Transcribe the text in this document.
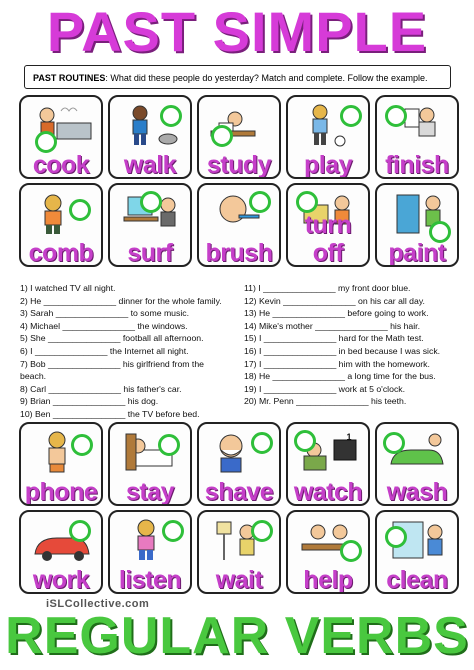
PAST SIMPLE
PAST ROUTINES: What did these people do yesterday? Match and complete. Follow the example.
cook	walk	study	play	finish
comb	surf	brush
turn off	paint
1) I watched TV all night.
2) He _______________ dinner for the whole family.
3) Sarah _______________ to some music.
4) Michael _______________ the windows.
5) She _______________ football all afternoon.
6) I _______________ the Internet all night.
7) Bob _______________ his girlfriend from the
beach.
8) Carl _______________ his father's car.
9) Brian _______________ his dog.
10) Ben _______________ the TV before bed.
11) I _______________ my front door blue.
12) Kevin _______________ on his car all day.
13) He _______________ before going to work.
14) Mike's mother _______________ his hair.
15) I _______________ hard for the Math test.
16) I _______________ in bed because I was sick.
17) I _______________ him with the homework.
18) He _______________ a long time for the bus.
19) I _______________ work at 5 o'clock.
20) Mr. Penn _______________ his teeth.
phone	stay	shave
1
watch wash
work	listen	wait	help	clean
iSLCollective.com
REGULAR VERBS
